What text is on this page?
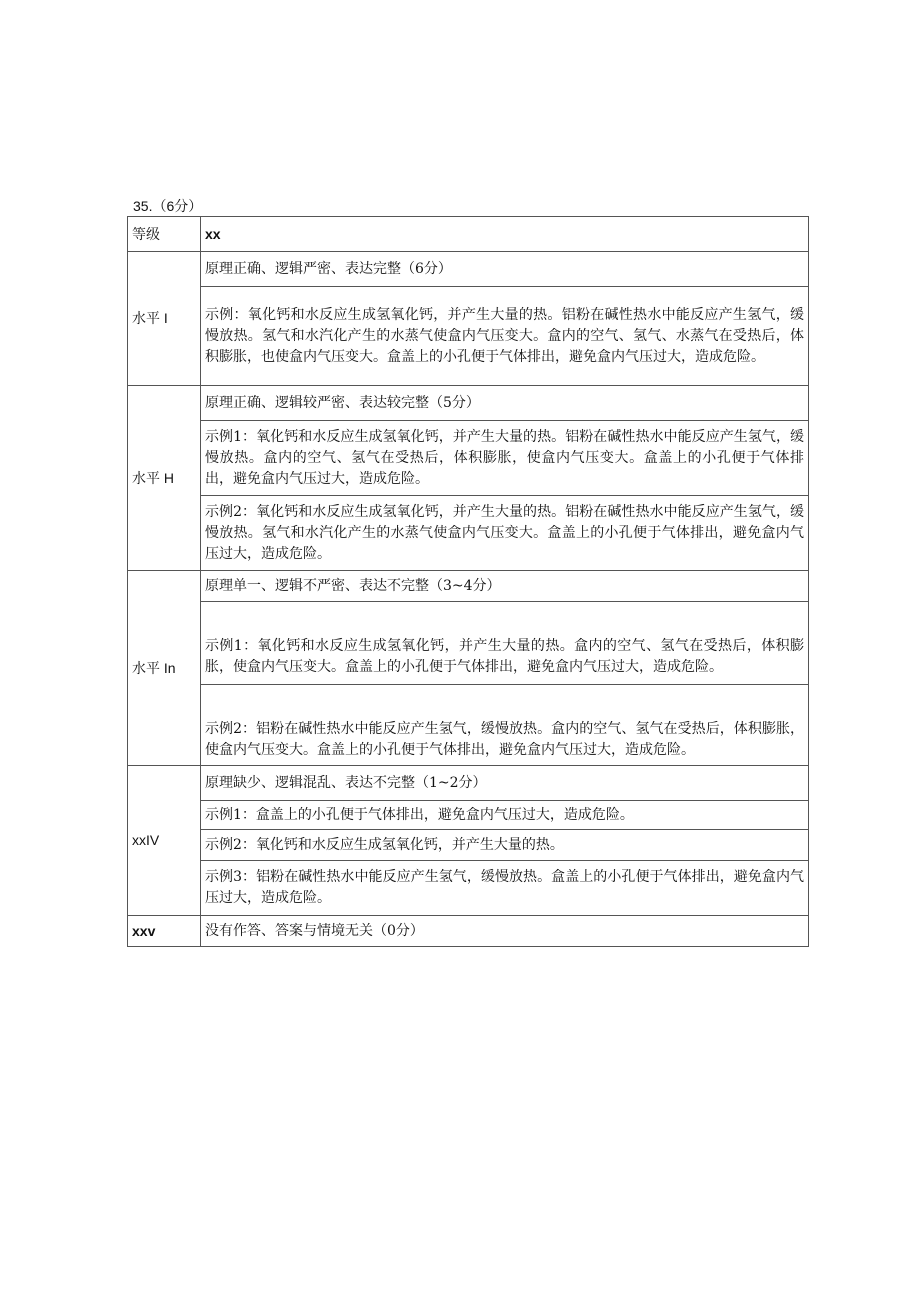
35.（6分）
等级	xx
水平 I	原理正确、逻辑严密、表达完整（6分）
	示例：氧化钙和水反应生成氢氧化钙，并产生大量的热。铝粉在碱性热水中能反应产生氢气，缓慢放热。氢气和水汽化产生的水蒸气使盒内气压变大。盒内的空气、氢气、水蒸气在受热后，体积膨胀，也使盒内气压变大。盒盖上的小孔便于气体排出，避免盒内气压过大，造成危险。
水平 H	原理正确、逻辑较严密、表达较完整（5分）
	示例1：氧化钙和水反应生成氢氧化钙，并产生大量的热。铝粉在碱性热水中能反应产生氢气，缓慢放热。盒内的空气、氢气在受热后，体积膨胀，使盒内气压变大。盒盖上的小孔便于气体排出，避免盒内气压过大，造成危险。
	示例2：氧化钙和水反应生成氢氧化钙，并产生大量的热。铝粉在碱性热水中能反应产生氢气，缓慢放热。氢气和水汽化产生的水蒸气使盒内气压变大。盒盖上的小孔便于气体排出，避免盒内气压过大，造成危险。
水平 In	原理单一、逻辑不严密、表达不完整（3~4分）
	示例1：氧化钙和水反应生成氢氧化钙，并产生大量的热。盒内的空气、氢气在受热后，体积膨胀，使盒内气压变大。盒盖上的小孔便于气体排出，避免盒内气压过大，造成危险。
	示例2：铝粉在碱性热水中能反应产生氢气，缓慢放热。盒内的空气、氢气在受热后，体积膨胀，使盒内气压变大。盒盖上的小孔便于气体排出，避免盒内气压过大，造成危险。
xxIV	原理缺少、逻辑混乱、表达不完整（1~2分）
	示例1：盒盖上的小孔便于气体排出，避免盒内气压过大，造成危险。
	示例2：氧化钙和水反应生成氢氧化钙，并产生大量的热。
	示例3：铝粉在碱性热水中能反应产生氢气，缓慢放热。盒盖上的小孔便于气体排出，避免盒内气压过大，造成危险。
xxv	没有作答、答案与情境无关（0分）
